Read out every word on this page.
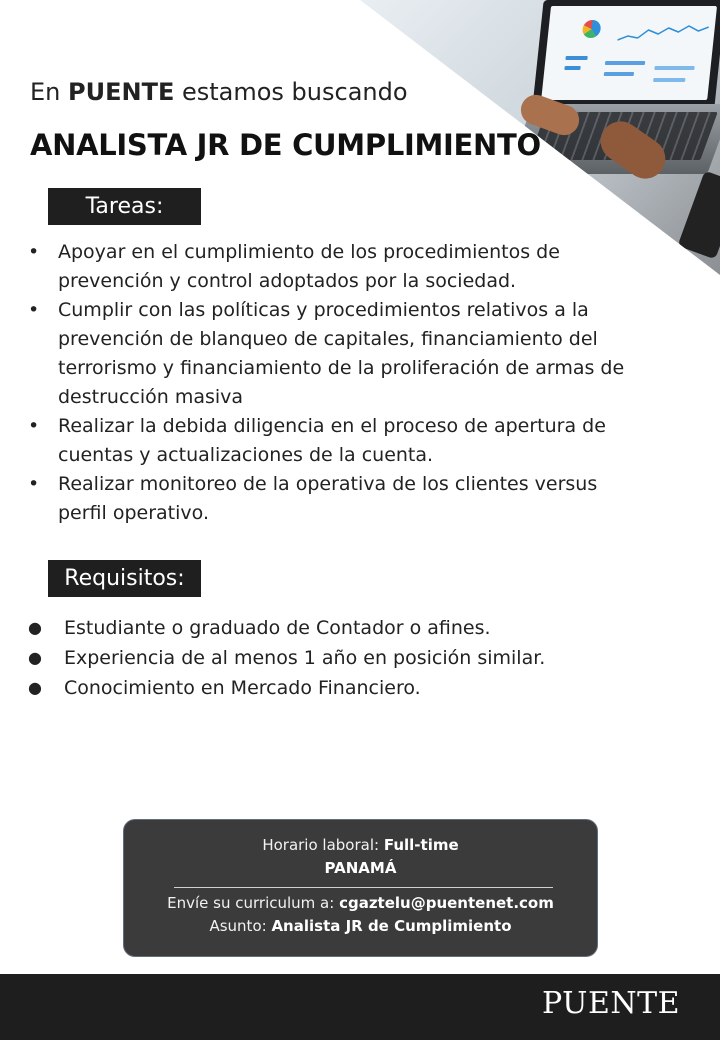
En PUENTE estamos buscando
ANALISTA JR DE CUMPLIMIENTO
Tareas:
• Apoyar en el cumplimiento de los procedimientos de prevención y control adoptados por la sociedad.
• Cumplir con las políticas y procedimientos relativos a la prevención de blanqueo de capitales, financiamiento del terrorismo y financiamiento de la proliferación de armas de destrucción masiva
• Realizar la debida diligencia en el proceso de apertura de cuentas y actualizaciones de la cuenta.
• Realizar monitoreo de la operativa de los clientes versus perfil operativo.
Requisitos:
● Estudiante o graduado de Contador o afines.
● Experiencia de al menos 1 año en posición similar.
● Conocimiento en Mercado Financiero.
Horario laboral: Full-time
PANAMÁ
Envíe su curriculum a: cgaztelu@puentenet.com
Asunto: Analista JR de Cumplimiento
PUENTE
